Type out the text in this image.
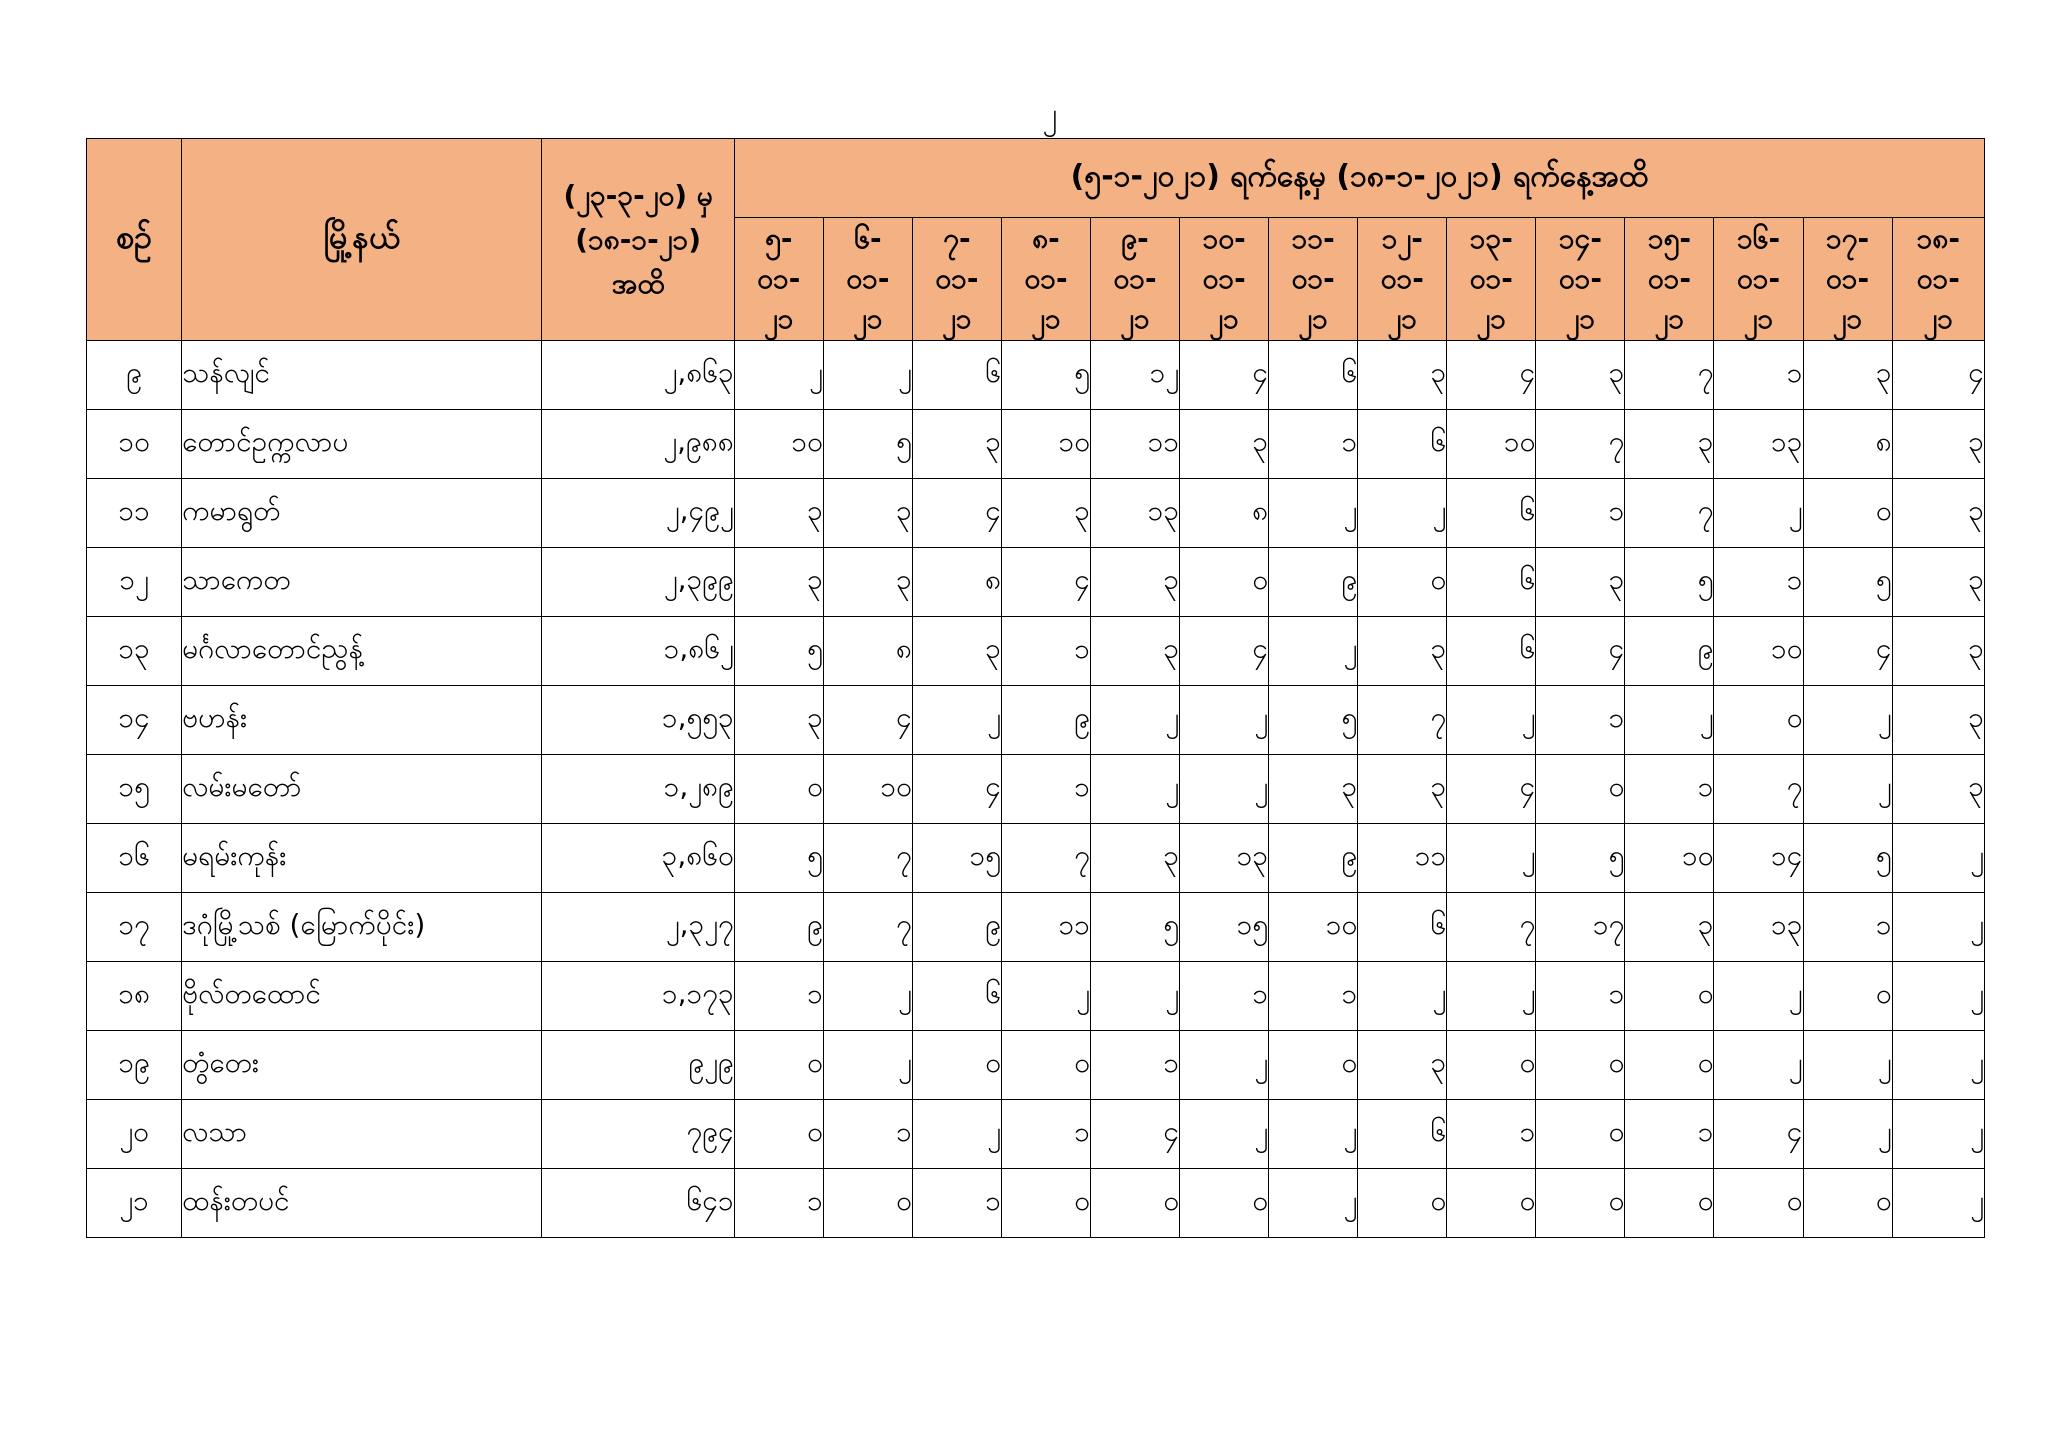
၂
စဉ်	မြို့နယ်	(၂၃-၃-၂၀) မှ
(၁၈-၁-၂၁)
အထိ	(၅-၁-၂၀၂၁) ရက်နေ့မှ (၁၈-၁-၂၀၂၁) ရက်နေ့အထိ													

			၅-
၀၁-
၂၁	၆-
၀၁-
၂၁	၇-
၀၁-
၂၁	၈-
၀၁-
၂၁	၉-
၀၁-
၂၁	၁၀-
၀၁-
၂၁	၁၁-
၀၁-
၂၁	၁၂-
၀၁-
၂၁	၁၃-
၀၁-
၂၁	၁၄-
၀၁-
၂၁	၁၅-
၀၁-
၂၁	၁၆-
၀၁-
၂၁	၁၇-
၀၁-
၂၁	၁၈-
၀၁-
၂၁

၉	သန်လျင်	၂,၈၆၃	၂	၂	၆	၅	၁၂	၄	၆	၃	၄	၃	၇	၁	၃	၄
၁၀	တောင်ဥက္ကလာပ	၂,၉၈၈	၁၀	၅	၃	၁၀	၁၁	၃	၁	၆	၁၀	၇	၃	၁၃	၈	၃
၁၁	ကမာရွတ်	၂,၄၉၂	၃	၃	၄	၃	၁၃	၈	၂	၂	၆	၁	၇	၂	၀	၃
၁၂	သာကေတ	၂,၃၉၉	၃	၃	၈	၄	၃	၀	၉	၀	၆	၃	၅	၁	၅	၃
၁၃	မင်္ဂလာတောင်ညွန့်	၁,၈၆၂	၅	၈	၃	၁	၃	၄	၂	၃	၆	၄	၉	၁၀	၄	၃
၁၄	ဗဟန်း	၁,၅၅၃	၃	၄	၂	၉	၂	၂	၅	၇	၂	၁	၂	၀	၂	၃
၁၅	လမ်းမတော်	၁,၂၈၉	၀	၁၀	၄	၁	၂	၂	၃	၃	၄	၀	၁	၇	၂	၃
၁၆	မရမ်းကုန်း	၃,၈၆၀	၅	၇	၁၅	၇	၃	၁၃	၉	၁၁	၂	၅	၁၀	၁၄	၅	၂
၁၇	ဒဂုံမြို့သစ် (မြောက်ပိုင်း)	၂,၃၂၇	၉	၇	၉	၁၁	၅	၁၅	၁၀	၆	၇	၁၇	၃	၁၃	၁	၂
၁၈	ဗိုလ်တထောင်	၁,၁၇၃	၁	၂	၆	၂	၂	၁	၁	၂	၂	၁	၀	၂	၀	၂
၁၉	တွံတေး	၉၂၉	၀	၂	၀	၀	၁	၂	၀	၃	၀	၀	၀	၂	၂	၂
၂၀	လသာ	၇၉၄	၀	၁	၂	၁	၄	၂	၂	၆	၁	၀	၁	၄	၂	၂
၂၁	ထန်းတပင်	၆၄၁	၁	၀	၁	၀	၀	၀	၂	၀	၀	၀	၀	၀	၀	၂
